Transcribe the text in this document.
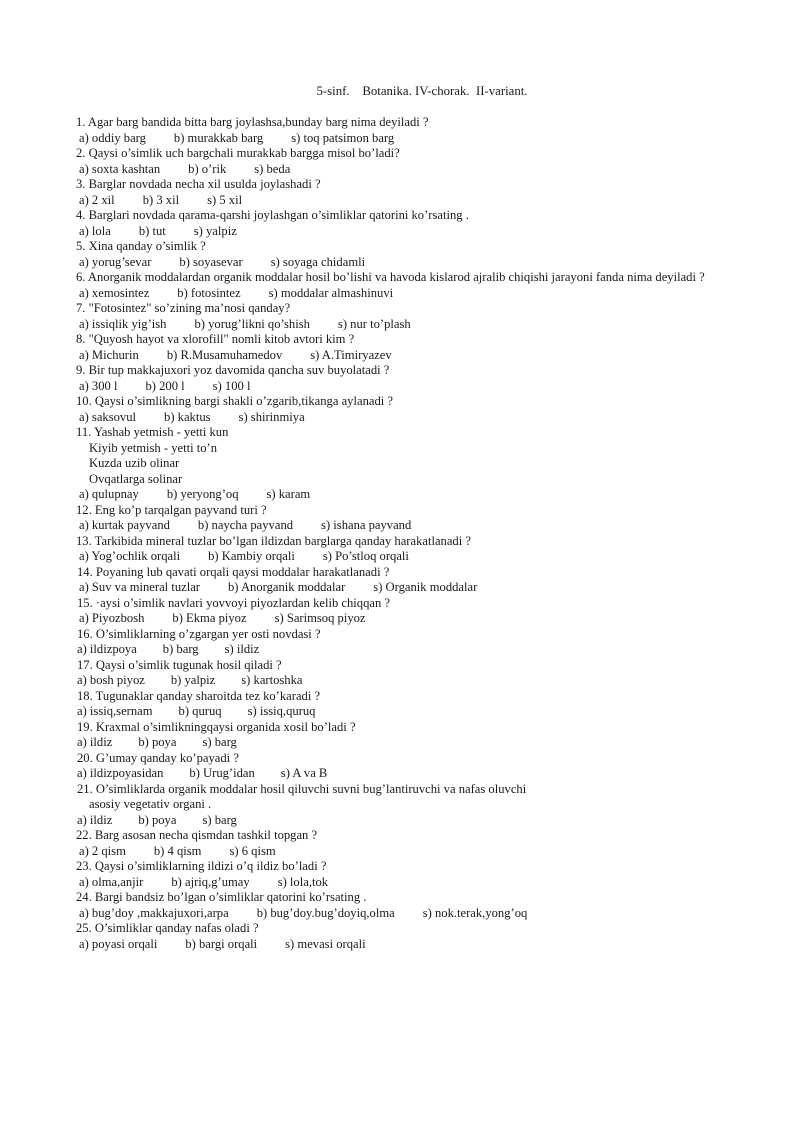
5-sinf.    Botanika. IV-chorak.  II-variant.
1. Agar barg bandida bitta barg joylashsa,bunday barg nima deyiladi ?
a) oddiy barg b) murakkab barg s) toq patsimon barg
2. Qaysi o’simlik uch bargchali murakkab bargga misol bo’ladi?
a) soxta kashtan b) o’rik s) beda
3. Barglar novdada necha xil usulda joylashadi ?
a) 2 xil b) 3 xil s) 5 xil
4. Barglari novdada qarama-qarshi joylashgan o’simliklar qatorini ko’rsating .
a) lola b) tut s) yalpiz
5. Xina qanday o’simlik ?
a) yorug’sevar b) soyasevar s) soyaga chidamli
6. Anorganik moddalardan organik moddalar hosil bo’lishi va havoda kislarod ajralib chiqishi jarayoni fanda nima deyiladi ?
a) xemosintez b) fotosintez s) moddalar almashinuvi
7. "Fotosintez" so’zining ma’nosi qanday?
a) issiqlik yig’ish b) yorug’likni qo’shish s) nur to’plash
8. "Quyosh hayot va xlorofill" nomli kitob avtori kim ?
a) Michurin b) R.Musamuhamedov s) A.Timiryazev
9. Bir tup makkajuxori yoz davomida qancha suv buyolatadi ?
a) 300 l b) 200 l s) 100 l
10. Qaysi o’simlikning bargi shakli o’zgarib,tikanga aylanadi ?
a) saksovul b) kaktus s) shirinmiya
11. Yashab yetmish - yetti kun
Kiyib yetmish - yetti to’n
Kuzda uzib olinar
Ovqatlarga solinar
a) qulupnay b) yeryong’oq s) karam
12. Eng ko’p tarqalgan payvand turi ?
a) kurtak payvand b) naycha payvand s) ishana payvand
13. Tarkibida mineral tuzlar bo’lgan ildizdan barglarga qanday harakatlanadi ?
a) Yog’ochlik orqali b) Kambiy orqali s) Po’stloq orqali
14. Poyaning lub qavati orqali qaysi moddalar harakatlanadi ?
a) Suv va mineral tuzlar b) Anorganik moddalar s) Organik moddalar
15. ·aysi o’simlik navlari yovvoyi piyozlardan kelib chiqqan ?
a) Piyozbosh b) Ekma piyoz s) Sarimsoq piyoz
16. O’simliklarning o’zgargan yer osti novdasi ?
a) ildizpoya b) barg s) ildiz
17. Qaysi o’simlik tugunak hosil qiladi ?
a) bosh piyoz b) yalpiz s) kartoshka
18. Tugunaklar qanday sharoitda tez ko’karadi ?
a) issiq,sernam b) quruq s) issiq,quruq
19. Kraxmal o’simlikningqaysi organida xosil bo’ladi ?
a) ildiz b) poya s) barg
20. G’umay qanday ko’payadi ?
a) ildizpoyasidan b) Urug’idan s) A va B
21. O’simliklarda organik moddalar hosil qiluvchi suvni bug’lantiruvchi va nafas oluvchi
asosiy vegetativ organi .
a) ildiz b) poya s) barg
22. Barg asosan necha qismdan tashkil topgan ?
a) 2 qism b) 4 qism s) 6 qism
23. Qaysi o’simliklarning ildizi o’q ildiz bo’ladi ?
a) olma,anjir b) ajriq,g’umay s) lola,tok
24. Bargi bandsiz bo’lgan o’simliklar qatorini ko’rsating .
a) bug’doy ,makkajuxori,arpa b) bug’doy.bug’doyiq,olma s) nok.terak,yong’oq
25. O’simliklar qanday nafas oladi ?
a) poyasi orqali b) bargi orqali s) mevasi orqali
